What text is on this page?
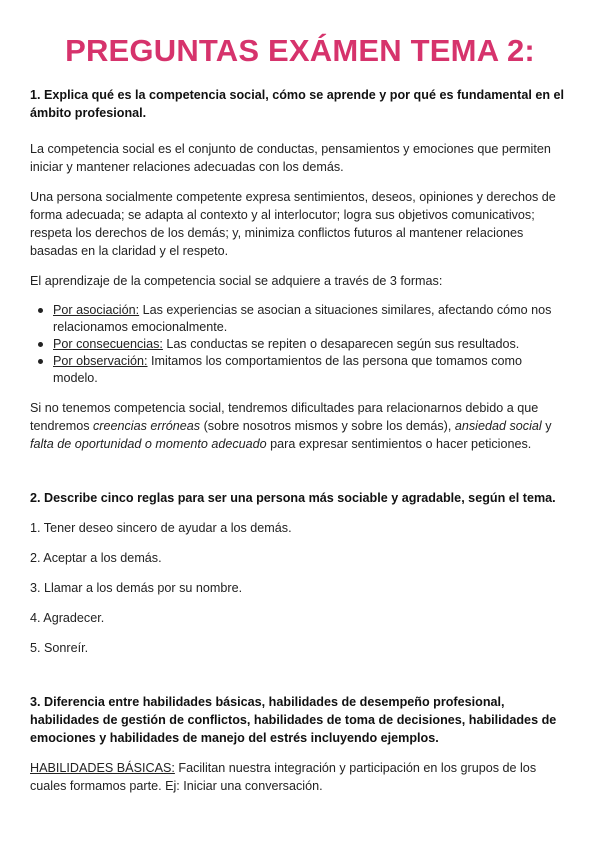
PREGUNTAS EXÁMEN TEMA 2:

1. Explica qué es la competencia social, cómo se aprende y por qué es fundamental en el ámbito profesional.

La competencia social es el conjunto de conductas, pensamientos y emociones que permiten iniciar y mantener relaciones adecuadas con los demás.

Una persona socialmente competente expresa sentimientos, deseos, opiniones y derechos de forma adecuada; se adapta al contexto y al interlocutor; logra sus objetivos comunicativos; respeta los derechos de los demás; y, minimiza conflictos futuros al mantener relaciones basadas en la claridad y el respeto.

El aprendizaje de la competencia social se adquiere a través de 3 formas:

Por asociación: Las experiencias se asocian a situaciones similares, afectando cómo nos relacionamos emocionalmente.
Por consecuencias: Las conductas se repiten o desaparecen según sus resultados.
Por observación: Imitamos los comportamientos de las persona que tomamos como modelo.

Si no tenemos competencia social, tendremos dificultades para relacionarnos debido a que tendremos creencias erróneas (sobre nosotros mismos y sobre los demás), ansiedad social y falta de oportunidad o momento adecuado para expresar sentimientos o hacer peticiones.

2. Describe cinco reglas para ser una persona más sociable y agradable, según el tema.

1. Tener deseo sincero de ayudar a los demás.

2. Aceptar a los demás.

3. Llamar a los demás por su nombre.

4. Agradecer.

5. Sonreír.

3. Diferencia entre habilidades básicas, habilidades de desempeño profesional, habilidades de gestión de conflictos, habilidades de toma de decisiones, habilidades de emociones y habilidades de manejo del estrés incluyendo ejemplos.

HABILIDADES BÁSICAS: Facilitan nuestra integración y participación en los grupos de los cuales formamos parte. Ej: Iniciar una conversación.
